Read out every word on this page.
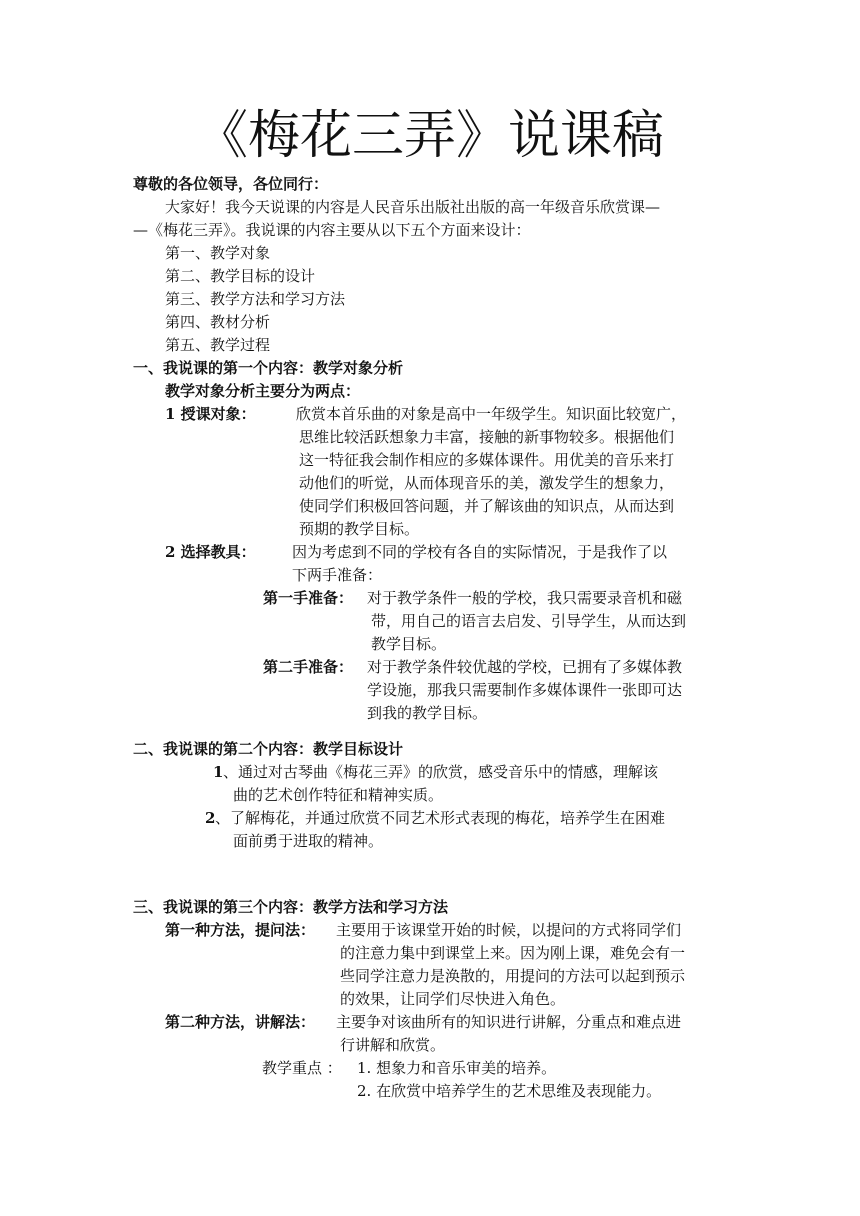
《梅花三弄》说课稿
尊敬的各位领导，各位同行：
大家好！我今天说课的内容是人民音乐出版社出版的高一年级音乐欣赏课—
—《梅花三弄》。我说课的内容主要从以下五个方面来设计：
第一、教学对象
第二、教学目标的设计
第三、教学方法和学习方法
第四、教材分析
第五、教学过程
一、我说课的第一个内容：教学对象分析
教学对象分析主要分为两点：
1 授课对象：	欣赏本首乐曲的对象是高中一年级学生。知识面比较宽广，
思维比较活跃想象力丰富，接触的新事物较多。根据他们
这一特征我会制作相应的多媒体课件。用优美的音乐来打
动他们的听觉，从而体现音乐的美，激发学生的想象力，
使同学们积极回答问题，并了解该曲的知识点，从而达到
预期的教学目标。
2 选择教具： 因为考虑到不同的学校有各自的实际情况，于是我作了以
下两手准备：
第一手准备： 对于教学条件一般的学校，我只需要录音机和磁
带，用自己的语言去启发、引导学生，从而达到
教学目标。
第二手准备： 对于教学条件较优越的学校，已拥有了多媒体教
学设施，那我只需要制作多媒体课件一张即可达
到我的教学目标。
二、我说课的第二个内容：教学目标设计
1 、通过对古琴曲《梅花三弄》的欣赏，感受音乐中的情感，理解该
曲的艺术创作特征和精神实质。
2 、了解梅花，并通过欣赏不同艺术形式表现的梅花，培养学生在困难
面前勇于进取的精神。
三、我说课的第三个内容：教学方法和学习方法
第一种方法，提问法： 主要用于该课堂开始的时候，以提问的方式将同学们
的注意力集中到课堂上来。因为刚上课，难免会有一
些同学注意力是涣散的，用提问的方法可以起到预示
的效果，让同学们尽快进入角色。
第二种方法，讲解法： 主要争对该曲所有的知识进行讲解，分重点和难点进
行讲解和欣赏。
教学重点 ： 1. 想象力和音乐审美的培养。
2. 在欣赏中培养学生的艺术思维及表现能力。
